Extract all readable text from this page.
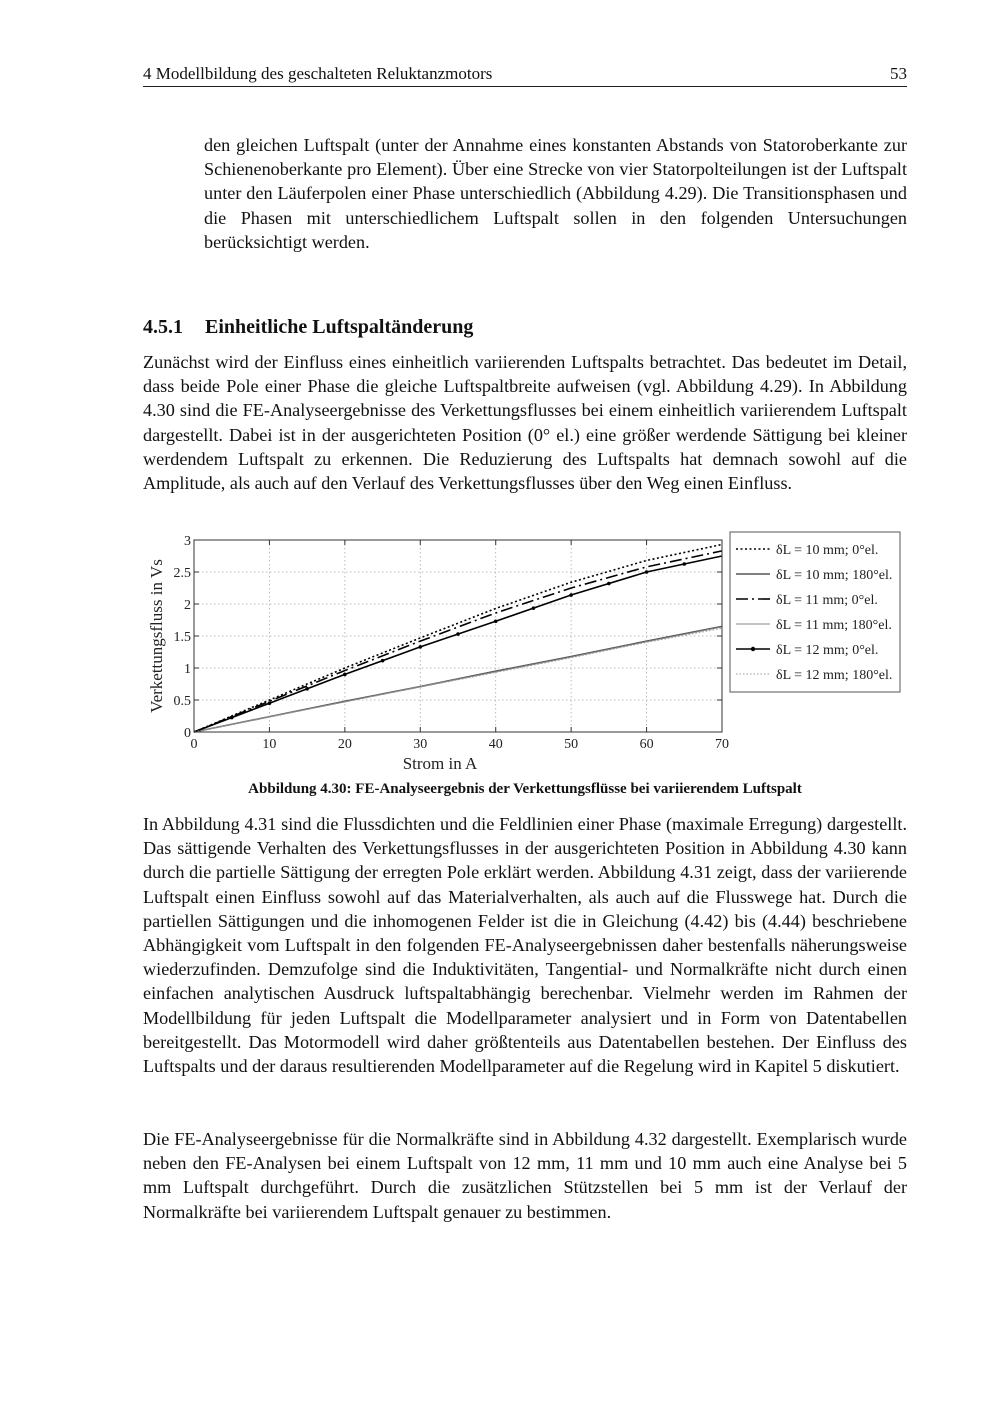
4 Modellbildung des geschalteten Reluktanzmotors	53

den gleichen Luftspalt (unter der Annahme eines konstanten Abstands von Statoroberkante zur Schienenoberkante pro Element). Über eine Strecke von vier Statorpolteilungen ist der Luftspalt unter den Läuferpolen einer Phase unterschiedlich (Abbildung 4.29). Die Transitionsphasen und die Phasen mit unterschiedlichem Luftspalt sollen in den folgenden Untersuchungen berücksichtigt werden.

4.5.1 Einheitliche Luftspaltänderung

Zunächst wird der Einfluss eines einheitlich variierenden Luftspalts betrachtet. Das bedeutet im Detail, dass beide Pole einer Phase die gleiche Luftspaltbreite aufweisen (vgl. Abbildung 4.29). In Abbildung 4.30 sind die FE-Analyseergebnisse des Verkettungsflusses bei einem einheitlich variierendem Luftspalt dargestellt. Dabei ist in der ausgerichteten Position (0° el.) eine größer werdende Sättigung bei kleiner werdendem Luftspalt zu erkennen. Die Reduzierung des Luftspalts hat demnach sowohl auf die Amplitude, als auch auf den Verlauf des Verkettungsflusses über den Weg einen Einfluss.

0	10	20	30	40	50	60	70
0
0.5
1
1.5
2
2.5
3
Verkettungsfluss in Vs
Strom in A
δL = 10 mm; 0°el.
δL = 10 mm; 180°el.
δL = 11 mm; 0°el.
δL = 11 mm; 180°el.
δL = 12 mm; 0°el.
δL = 12 mm; 180°el.
Abbildung 4.30: FE-Analyseergebnis der Verkettungsflüsse bei variierendem Luftspalt

In Abbildung 4.31 sind die Flussdichten und die Feldlinien einer Phase (maximale Erregung) dargestellt. Das sättigende Verhalten des Verkettungsflusses in der ausgerichteten Position in Abbildung 4.30 kann durch die partielle Sättigung der erregten Pole erklärt werden. Abbildung 4.31 zeigt, dass der variierende Luftspalt einen Einfluss sowohl auf das Materialverhalten, als auch auf die Flusswege hat. Durch die partiellen Sättigungen und die inhomogenen Felder ist die in Gleichung (4.42) bis (4.44) beschriebene Abhängigkeit vom Luftspalt in den folgenden FE-Analyseergebnissen daher bestenfalls näherungsweise wiederzufinden. Demzufolge sind die Induktivitäten, Tangential- und Normalkräfte nicht durch einen einfachen analytischen Ausdruck luftspaltabhängig berechenbar. Vielmehr werden im Rahmen der Modellbildung für jeden Luftspalt die Modellparameter analysiert und in Form von Datentabellen bereitgestellt. Das Motormodell wird daher größtenteils aus Datentabellen bestehen. Der Einfluss des Luftspalts und der daraus resultierenden Modellparameter auf die Regelung wird in Kapitel 5 diskutiert.

Die FE-Analyseergebnisse für die Normalkräfte sind in Abbildung 4.32 dargestellt. Exemplarisch wurde neben den FE-Analysen bei einem Luftspalt von 12 mm, 11 mm und 10 mm auch eine Analyse bei 5 mm Luftspalt durchgeführt. Durch die zusätzlichen Stützstellen bei 5 mm ist der Verlauf der Normalkräfte bei variierendem Luftspalt genauer zu bestimmen.
